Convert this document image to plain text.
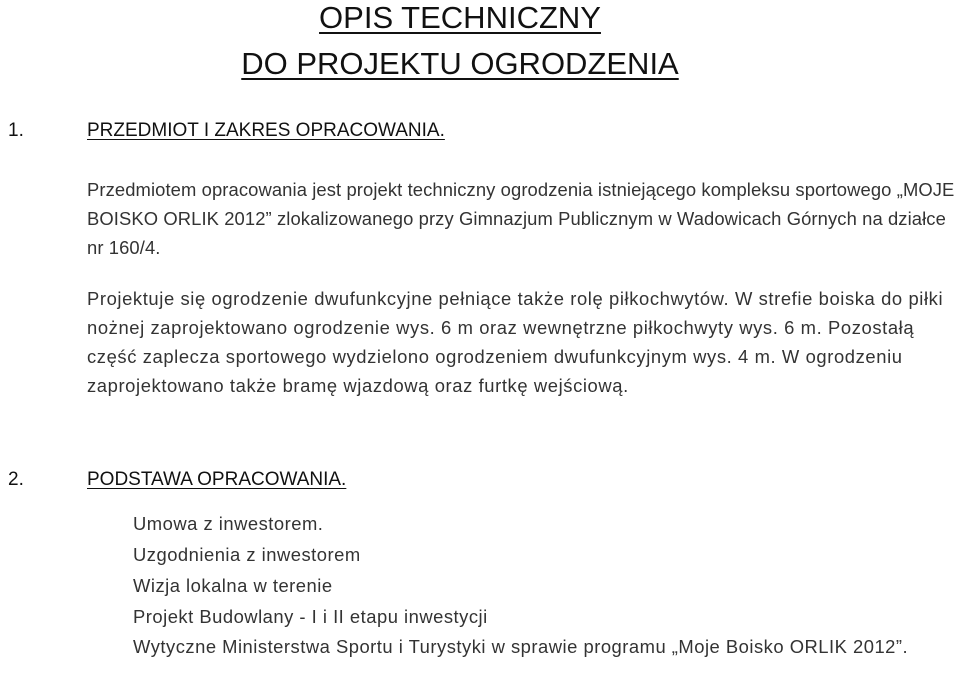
OPIS TECHNICZNY
DO PROJEKTU OGRODZENIA
1.	PRZEDMIOT I ZAKRES OPRACOWANIA.

Przedmiotem opracowania jest projekt techniczny ogrodzenia istniejącego kompleksu sportowego „MOJE BOISKO ORLIK 2012” zlokalizowanego przy Gimnazjum Publicznym w Wadowicach Górnych na działce nr 160/4.

Projektuje się ogrodzenie dwufunkcyjne pełniące także rolę piłkochwytów. W strefie boiska do piłki nożnej zaprojektowano ogrodzenie wys. 6 m oraz wewnętrzne piłkochwyty wys. 6 m. Pozostałą część zaplecza sportowego wydzielono ogrodzeniem dwufunkcyjnym wys. 4 m. W ogrodzeniu zaprojektowano także bramę wjazdową oraz furtkę wejściową.

2.	PODSTAWA OPRACOWANIA.
Umowa z inwestorem.
Uzgodnienia z inwestorem
Wizja lokalna w terenie
Projekt Budowlany - I i II etapu inwestycji
Wytyczne Ministerstwa Sportu i Turystyki w sprawie programu „Moje Boisko ORLIK 2012”.
